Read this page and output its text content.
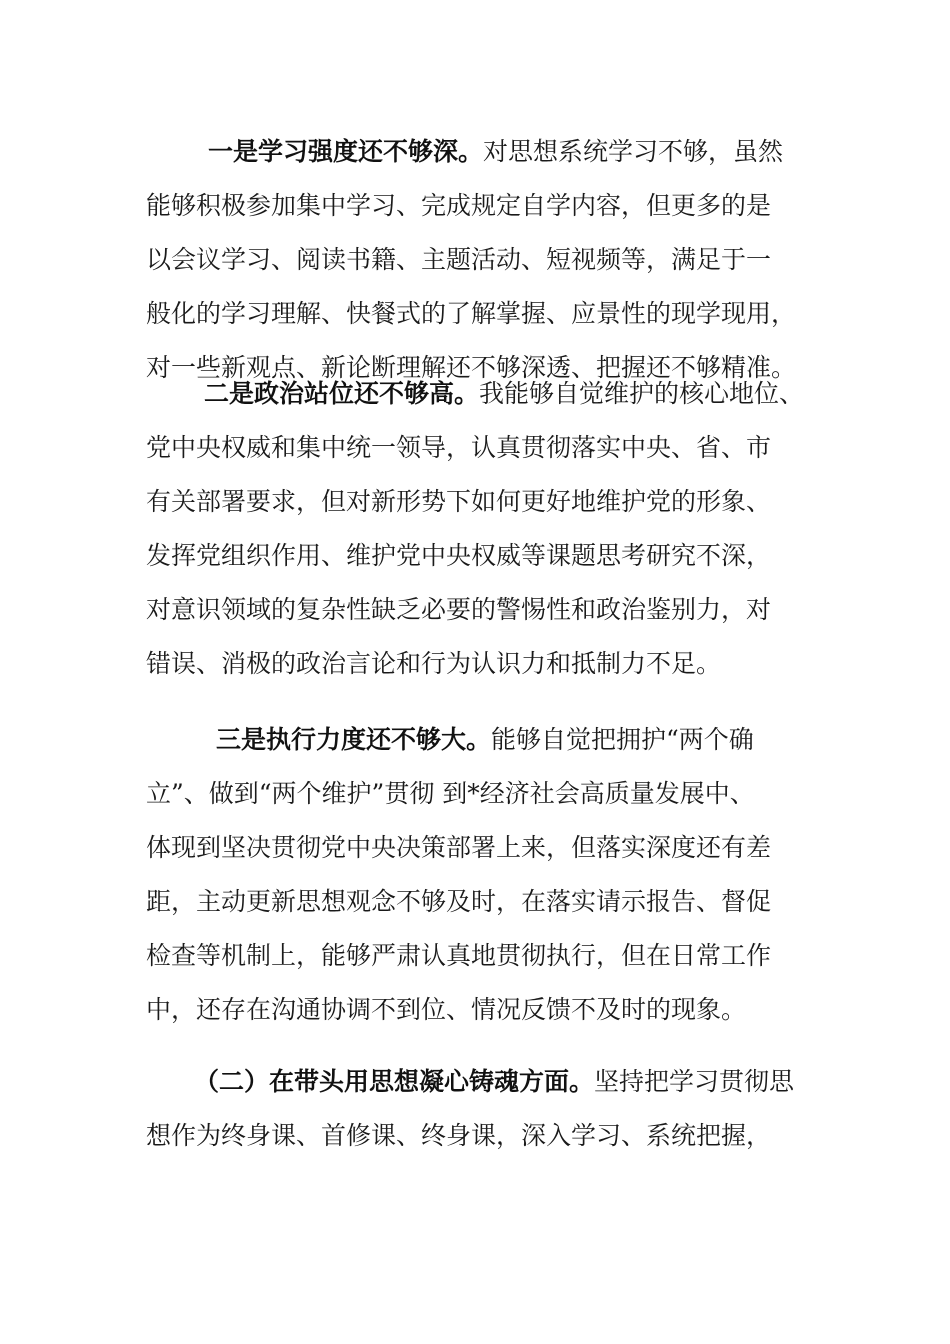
一是学习强度还不够深。对思想系统学习不够，虽然
能够积极参加集中学习、完成规定自学内容，但更多的是
以会议学习、阅读书籍、主题活动、短视频等，满足于一
般化的学习理解、快餐式的了解掌握、应景性的现学现用，
对一些新观点、新论断理解还不够深透、把握还不够精准。
二是政治站位还不够高。我能够自觉维护的核心地位、
党中央权威和集中统一领导，认真贯彻落实中央、省、市
有关部署要求，但对新形势下如何更好地维护党的形象、
发挥党组织作用、维护党中央权威等课题思考研究不深，
对意识领域的复杂性缺乏必要的警惕性和政治鉴别力，对
错误、消极的政治言论和行为认识力和抵制力不足。
三是执行力度还不够大。能够自觉把拥护“两个确
立”、做到“两个维护”贯彻 到*经济社会高质量发展中、
体现到坚决贯彻党中央决策部署上来，但落实深度还有差
距，主动更新思想观念不够及时，在落实请示报告、督促
检查等机制上，能够严肃认真地贯彻执行，但在日常工作
中，还存在沟通协调不到位、情况反馈不及时的现象。
（二）在带头用思想凝心铸魂方面。坚持把学习贯彻思
想作为终身课、首修课、终身课，深入学习、系统把握，
